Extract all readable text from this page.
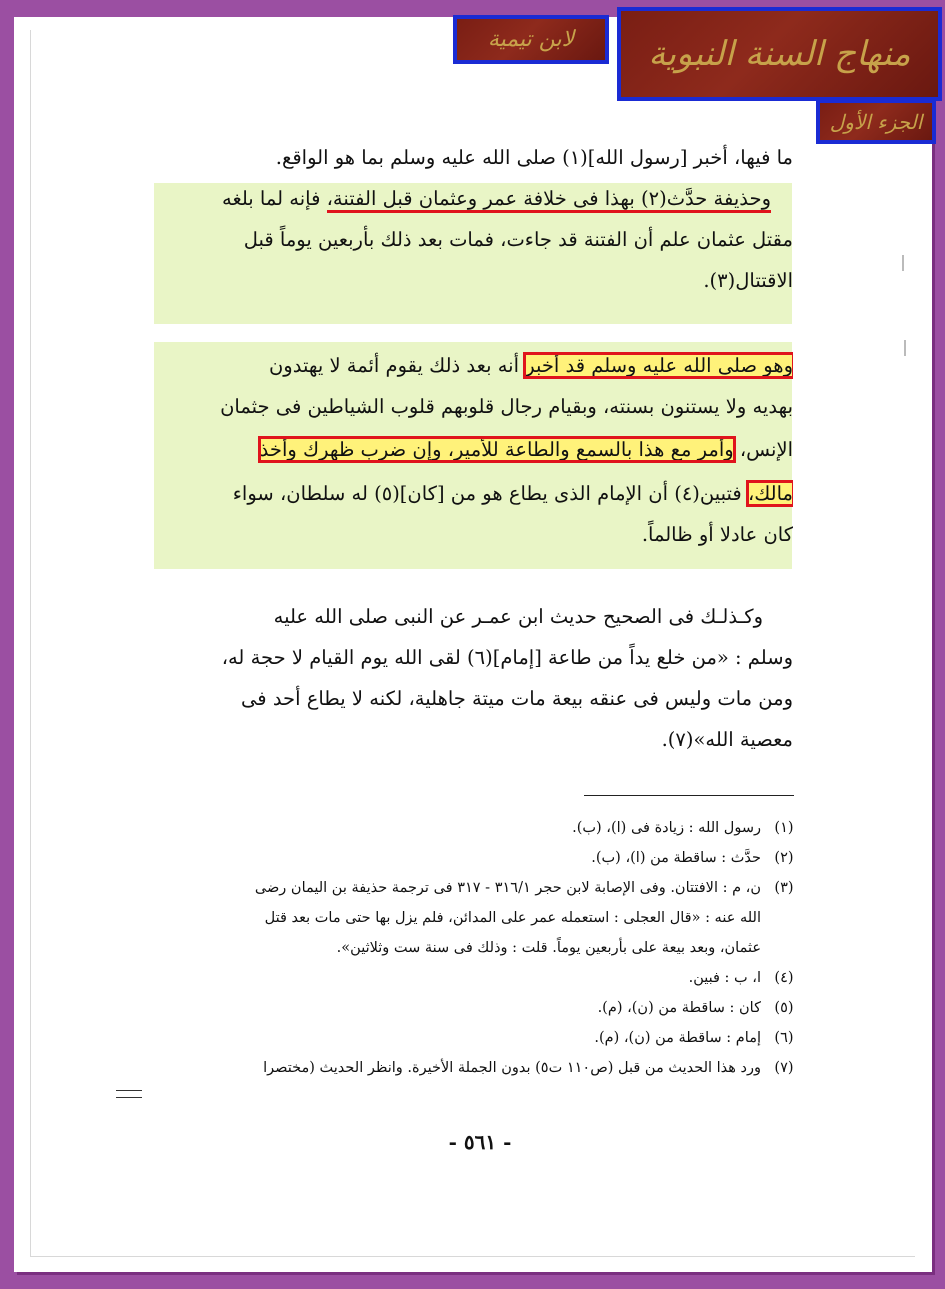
منهاج السنة النبوية
لابن تيمية
الجزء الأول
ما فيها، أخبر [رسول الله](١) صلى الله عليه وسلم بما هو الواقع.
وحذيفة حدَّث(٢) بهذا فى خلافة عمر وعثمان قبل الفتنة، فإنه لما بلغه
مقتل عثمان علم أن الفتنة قد جاءت، فمات بعد ذلك بأربعين يوماً قبل
الاقتتال(٣).
وهو صلى الله عليه وسلم قد أخبر أنه بعد ذلك يقوم أئمة لا يهتدون
بهديه ولا يستنون بسنته، وبقيام رجال قلوبهم قلوب الشياطين فى جثمان
الإنس، وأمر مع هذا بالسمع والطاعة للأمير، وإن ضرب ظهرك وأخذ
مالك، فتبين(٤) أن الإمام الذى يطاع هو من [كان](٥) له سلطان، سواء
كان عادلا أو ظالماً.
وكـذلـك فى الصحيح حديث ابن عمـر عن النبى صلى الله عليه
وسلم : «من خلع يداً من طاعة [إمام](٦) لقى الله يوم القيام لا حجة له،
ومن مات وليس فى عنقه بيعة مات ميتة جاهلية، لكنه لا يطاع أحد فى
معصية الله»(٧).
(١)
رسول الله : زيادة فى (ا)، (ب).
(٢)
حدَّث : ساقطة من (ا)، (ب).
(٣)
ن، م : الافتتان. وفى الإصابة لابن حجر ٣١٦/١ - ٣١٧ فى ترجمة حذيفة بن اليمان رضى
الله عنه : «قال العجلى : استعمله عمر على المدائن، فلم يزل بها حتى مات بعد قتل
عثمان، وبعد بيعة على بأربعين يوماً. قلت : وذلك فى سنة ست وثلاثين».
(٤)
ا، ب : فبين.
(٥)
كان : ساقطة من (ن)، (م).
(٦)
إمام : ساقطة من (ن)، (م).
(٧)
ورد هذا الحديث من قبل (ص١١٠ ت٥) بدون الجملة الأخيرة. وانظر الحديث (مختصرا
- ٥٦١ -
